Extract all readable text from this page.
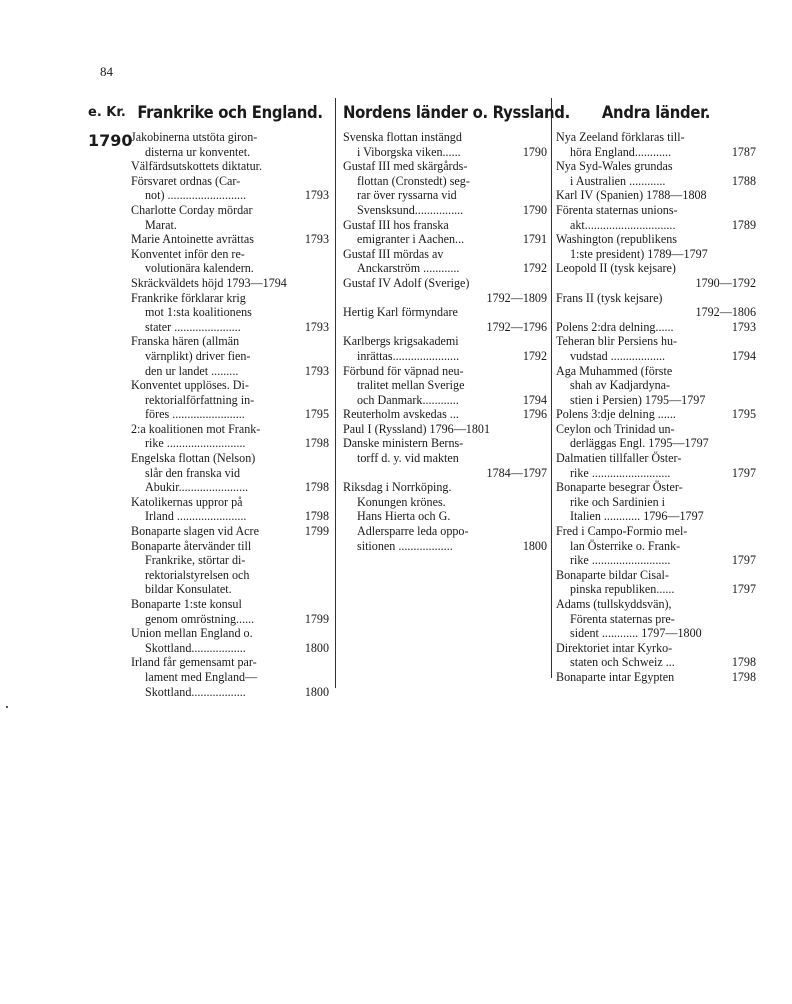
84
e. Kr.
1790
Frankrike och England.
Jakobinerna utstöta giron-
disterna ur konventet.
Välfärdsutskottets diktatur.
Försvaret ordnas (Car-
not) ..........................	1793
Charlotte Corday mördar
Marat.
Marie Antoinette avrättas	1793
Konventet inför den re-
volutionära kalendern.
Skräckväldets höjd 1793—1794
Frankrike förklarar krig
mot 1:sta koalitionens
stater ......................	1793
Franska hären (allmän
värnplikt) driver fien-
den ur landet .........	1793
Konventet upplöses. Di-
rektorialförfattning in-
föres ........................	1795
2:a koalitionen mot Frank-
rike ..........................	1798
Engelska flottan (Nelson)
slår den franska vid
Abukir.......................	1798
Katolikernas uppror på
Irland .......................	1798
Bonaparte slagen vid Acre	1799
Bonaparte återvänder till
Frankrike, störtar di-
rektorialstyrelsen och
bildar Konsulatet.
Bonaparte 1:ste konsul
genom omröstning......	1799
Union mellan England o.
Skottland..................	1800
Irland får gemensamt par-
lament med England—
Skottland..................	1800
Nordens länder o. Ryssland.
Svenska flottan instängd
i Viborgska viken......	1790
Gustaf III med skärgårds-
flottan (Cronstedt) seg-
rar över ryssarna vid
Svensksund................	1790
Gustaf III hos franska
emigranter i Aachen...	1791
Gustaf III mördas av
Anckarström ............	1792
Gustaf IV Adolf (Sverige)
1792—1809
Hertig Karl förmyndare
1792—1796
Karlbergs krigsakademi
inrättas......................	1792
Förbund för väpnad neu-
tralitet mellan Sverige
och Danmark............	1794
Reuterholm avskedas ...	1796
Paul I (Ryssland) 1796—1801
Danske ministern Berns-
torff d. y. vid makten
1784—1797
Riksdag i Norrköping.
Konungen krönes.
Hans Hierta och G.
Adlersparre leda oppo-
sitionen ..................	1800
Andra länder.
Nya Zeeland förklaras till-
höra England............	1787
Nya Syd-Wales grundas
i Australien ............	1788
Karl IV (Spanien) 1788—1808
Förenta staternas unions-
akt..............................	1789
Washington (republikens
1:ste president) 1789—1797
Leopold II (tysk kejsare)
1790—1792
Frans II (tysk kejsare)
1792—1806
Polens 2:dra delning......	1793
Teheran blir Persiens hu-
vudstad ..................	1794
Aga Muhammed (förste
shah av Kadjardyna-
stien i Persien) 1795—1797
Polens 3:dje delning ......	1795
Ceylon och Trinidad un-
derläggas Engl. 1795—1797
Dalmatien tillfaller Öster-
rike ..........................	1797
Bonaparte besegrar Öster-
rike och Sardinien i
Italien ............ 1796—1797
Fred i Campo-Formio mel-
lan Österrike o. Frank-
rike ..........................	1797
Bonaparte bildar Cisal-
pinska republiken......	1797
Adams (tullskyddsvän),
Förenta staternas pre-
sident ............ 1797—1800
Direktoriet intar Kyrko-
staten och Schweiz ...	1798
Bonaparte intar Egypten	1798
